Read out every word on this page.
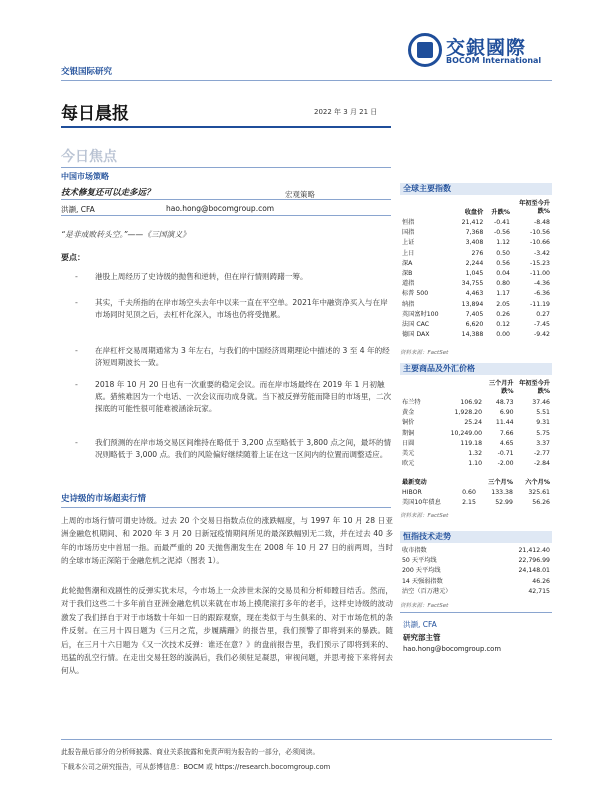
交银国际研究
交銀國際
BOCOM International
每日晨报	2022 年 3 月 21 日
今日焦点
中国市场策略
技术修复还可以走多远？	宏观策略
洪灏, CFA	hao.hong@bocomgroup.com
“是非成败转头空。”——《三国演义》
要点：
- 港股上周经历了史诗级的抛售和逆转，但在岸行情则踌躇一筹。
- 其实，千夫所指的在岸市场空头去年中以来一直在平空单。2021年中融资净买入与在岸市场同时见顶之后，去杠杆化深入，市场也仍将受抛累。
- 在岸杠杆交易周期通常为 3 年左右，与我们的中国经济周期理论中描述的 3 至 4 年的经济短周期波长一致。
- 2018 年 10 月 20 日也有一次重要的稳定会议。而在岸市场最终在 2019 年 1 月初触底。猎熊难因为一个电话、一次会议而功成身就。当下被反弹劳能而降目的市场里，二次探底的可能性很可能难被涵涂玩家。
- 我们预测的在岸市场交易区间维持在略低于 3,200 点至略低于 3,800 点之间，最坏的情况则略低于 3,000 点。我们的风险偏好继续随着上证在这一区间内的位置而调整适应。
史诗级的市场超卖行情
上周的市场行情可谓史诗级。过去 20 个交易日指数点位的涨跌幅度，与 1997 年 10 月 28 日亚洲金融危机期间、和 2020 年 3 月 20 日新冠疫情期间所见的最深跌幅别无二致，并在过去 40 多年的市场历史中首屈一指。而最严重的 20 天抛售潮发生在 2008 年 10 月 27 日的前两周，当时的全球市场正深陷于金融危机之泥淖（图表 1）。
此轮抛售潮和戏剧性的反弹实犹未尽，今市场上一众涉世未深的交易员和分析师瞠目结舌。然而，对于我们这些二十多年前自亚洲金融危机以来就在市场上摸爬滚打多年的老手，这样史诗级的波动激发了我们择自于对于市场数十年如一日的跟踪观察，现在类似于与生俱来的、对于市场危机的条件反射。在三月十四日题为《三月之荒，步履蹒跚》的报告里，我们预警了即将到来的暴跌。随后，在三月十六日题为《又一次技术反弹：谁还在意？》的盘前报告里，我们预示了即将到来的、迅猛的乱空行情。在走出交易狂怒的漩涡后，我们必须驻足凝思，审视问题，并思考接下来将何去何从。
全球主要指数
	收盘价	升跌%	年初至今升跌%
恒指	21,412	-0.41	-8.48
国指	7,368	-0.56	-10.56
上证	3,408	1.12	-10.66
上日	276	0.50	-3.42
深A	2,244	0.56	-15.23
深B	1,045	0.04	-11.00
道指	34,755	0.80	-4.36
标普 500	4,463	1.17	-6.36
纳指	13,894	2.05	-11.19
英国富时100	7,405	0.26	0.27
法国 CAC	6,620	0.12	-7.45
德国 DAX	14,388	0.00	-9.42
资料来源：FactSet
主要商品及外汇价格
		三个月升跌%	年初至今升跌%
布兰特	106.92	48.73	37.46
黄金	1,928.20	6.90	5.51
铜价	25.24	11.44	9.31
期铜	10,249.00	7.66	5.75
日圆	119.18	4.65	3.37
美元	1.32	-0.71	-2.77
欧元	1.10	-2.00	-2.84
最新变动		三个月%	六个月%
HIBOR	0.60	133.38	325.61
美国10年債息	2.15	52.99	56.26
资料来源：FactSet
恒指技术走势
收市指数	21,412.40
50 天平均线	22,796.99
200 天平均线	24,148.01
14 天强弱指数	46.26
沽空（百万港元）	42,715
资料来源：FactSet
洪灏, CFA
研究部主管
hao.hong@bocomgroup.com
此报告最后部分的分析师披露、商业关系披露和免责声明为报告的一部分，必须阅读。
下载本公司之研究报告，可从彭博信息：BOCM 或 https://research.bocomgroup.com
